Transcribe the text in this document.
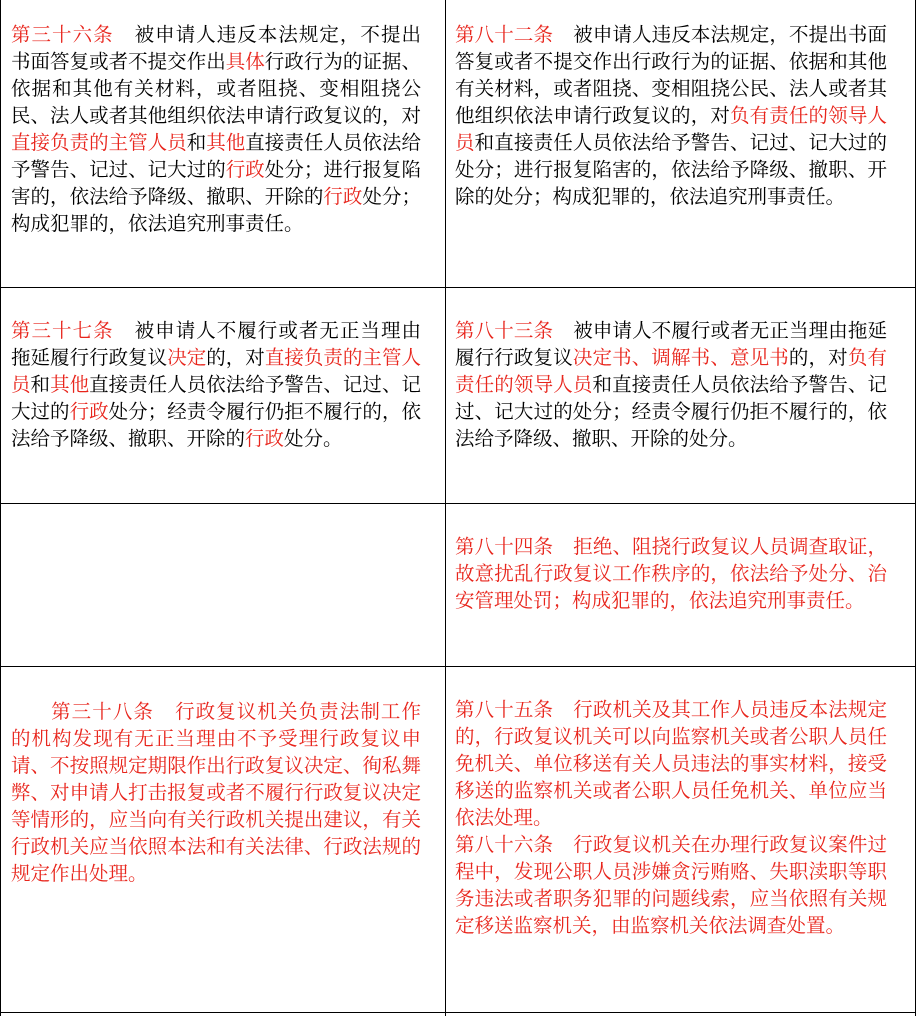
第三十六条 被申请人违反本法规定，不提出书面答复或者不提交作出具体行政行为的证据、依据和其他有关材料，或者阻挠、变相阻挠公民、法人或者其他组织依法申请行政复议的，对直接负责的主管人员和其他直接责任人员依法给予警告、记过、记大过的行政处分；进行报复陷害的，依法给予降级、撤职、开除的行政处分；构成犯罪的，依法追究刑事责任。
第八十二条 被申请人违反本法规定，不提出书面答复或者不提交作出行政行为的证据、依据和其他有关材料，或者阻挠、变相阻挠公民、法人或者其他组织依法申请行政复议的，对负有责任的领导人员和直接责任人员依法给予警告、记过、记大过的处分；进行报复陷害的，依法给予降级、撤职、开除的处分；构成犯罪的，依法追究刑事责任。
第三十七条 被申请人不履行或者无正当理由拖延履行行政复议决定的，对直接负责的主管人员和其他直接责任人员依法给予警告、记过、记大过的行政处分；经责令履行仍拒不履行的，依法给予降级、撤职、开除的行政处分。
第八十三条 被申请人不履行或者无正当理由拖延履行行政复议决定书、调解书、意见书的，对负有责任的领导人员和直接责任人员依法给予警告、记过、记大过的处分；经责令履行仍拒不履行的，依法给予降级、撤职、开除的处分。
第八十四条 拒绝、阻挠行政复议人员调查取证，故意扰乱行政复议工作秩序的，依法给予处分、治安管理处罚；构成犯罪的，依法追究刑事责任。
第三十八条 行政复议机关负责法制工作的机构发现有无正当理由不予受理行政复议申请、不按照规定期限作出行政复议决定、徇私舞弊、对申请人打击报复或者不履行行政复议决定等情形的，应当向有关行政机关提出建议，有关行政机关应当依照本法和有关法律、行政法规的规定作出处理。
第八十五条 行政机关及其工作人员违反本法规定的，行政复议机关可以向监察机关或者公职人员任免机关、单位移送有关人员违法的事实材料，接受移送的监察机关或者公职人员任免机关、单位应当依法处理。
第八十六条 行政复议机关在办理行政复议案件过程中，发现公职人员涉嫌贪污贿赂、失职渎职等职务违法或者职务犯罪的问题线索，应当依照有关规定移送监察机关，由监察机关依法调查处置。
